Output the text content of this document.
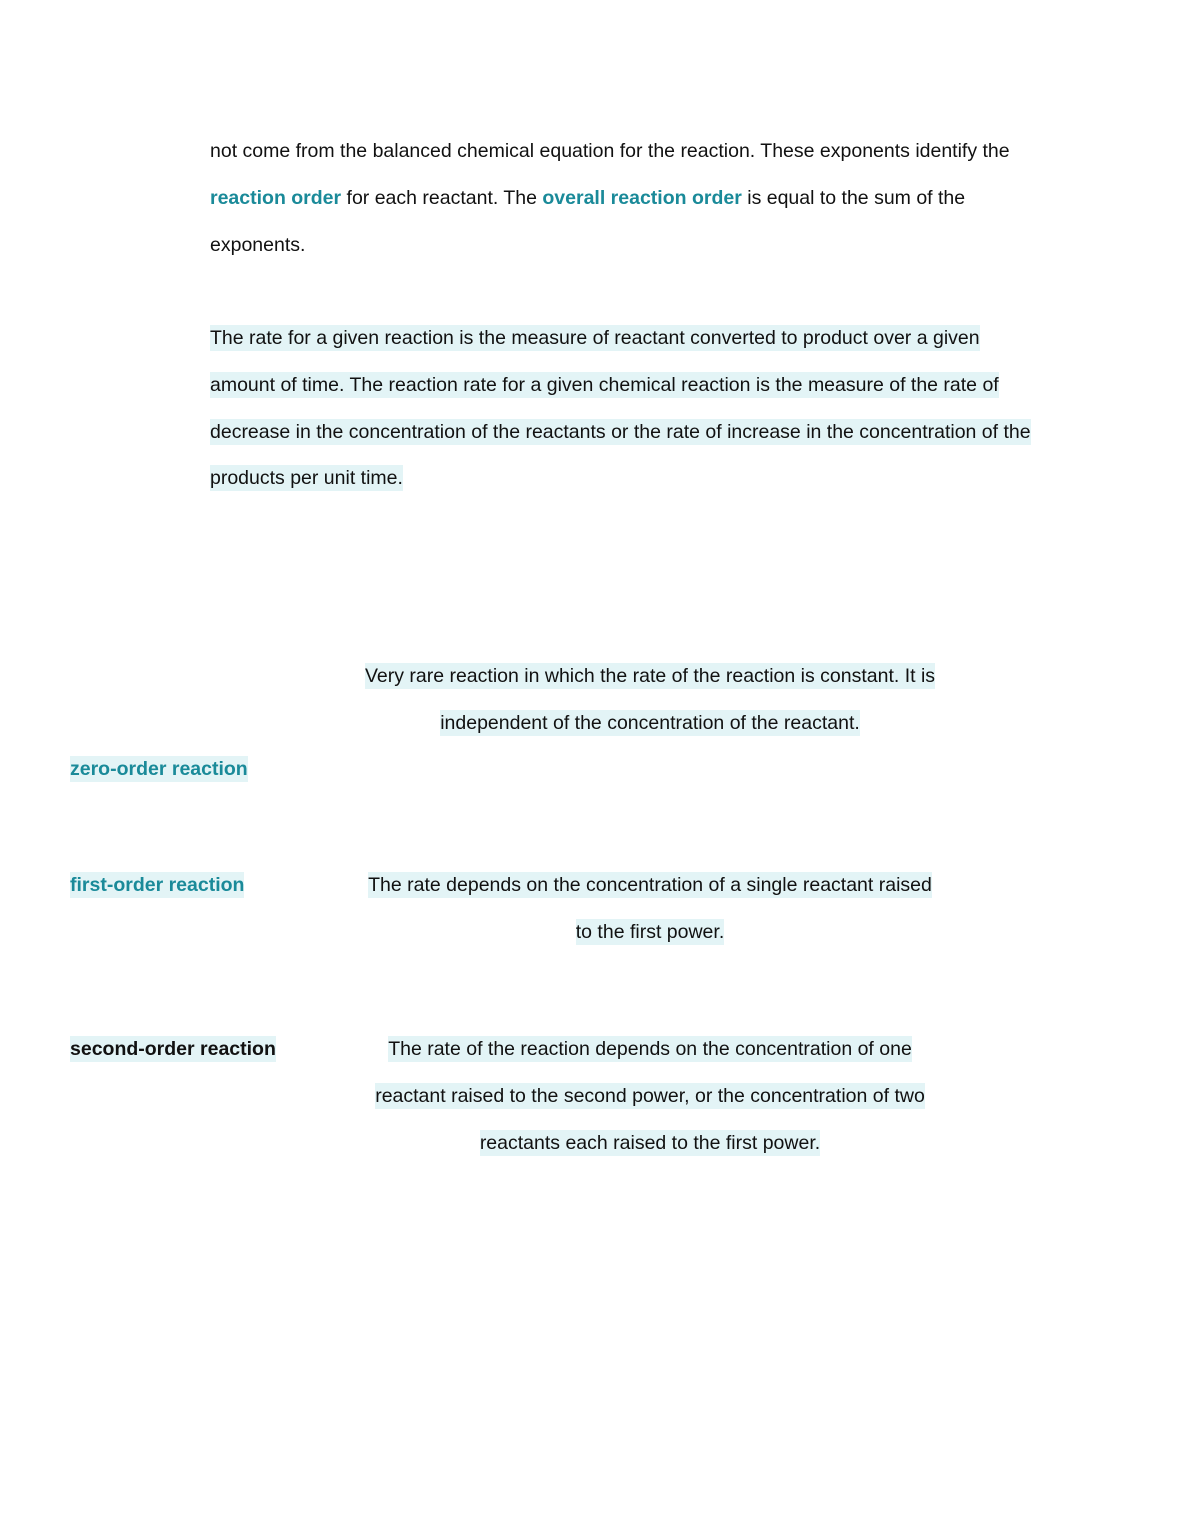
not come from the balanced chemical equation for the reaction. These exponents identify the reaction order for each reactant. The overall reaction order is equal to the sum of the exponents.

The rate for a given reaction is the measure of reactant converted to product over a given amount of time. The reaction rate for a given chemical reaction is the measure of the rate of decrease in the concentration of the reactants or the rate of increase in the concentration of the products per unit time.

zero-order reaction

Very rare reaction in which the rate of the reaction is constant. It is independent of the concentration of the reactant.

first-order reaction	The rate depends on the concentration of a single reactant raised to the first power.

second-order reaction	The rate of the reaction depends on the concentration of one reactant raised to the second power, or the concentration of two reactants each raised to the first power.
